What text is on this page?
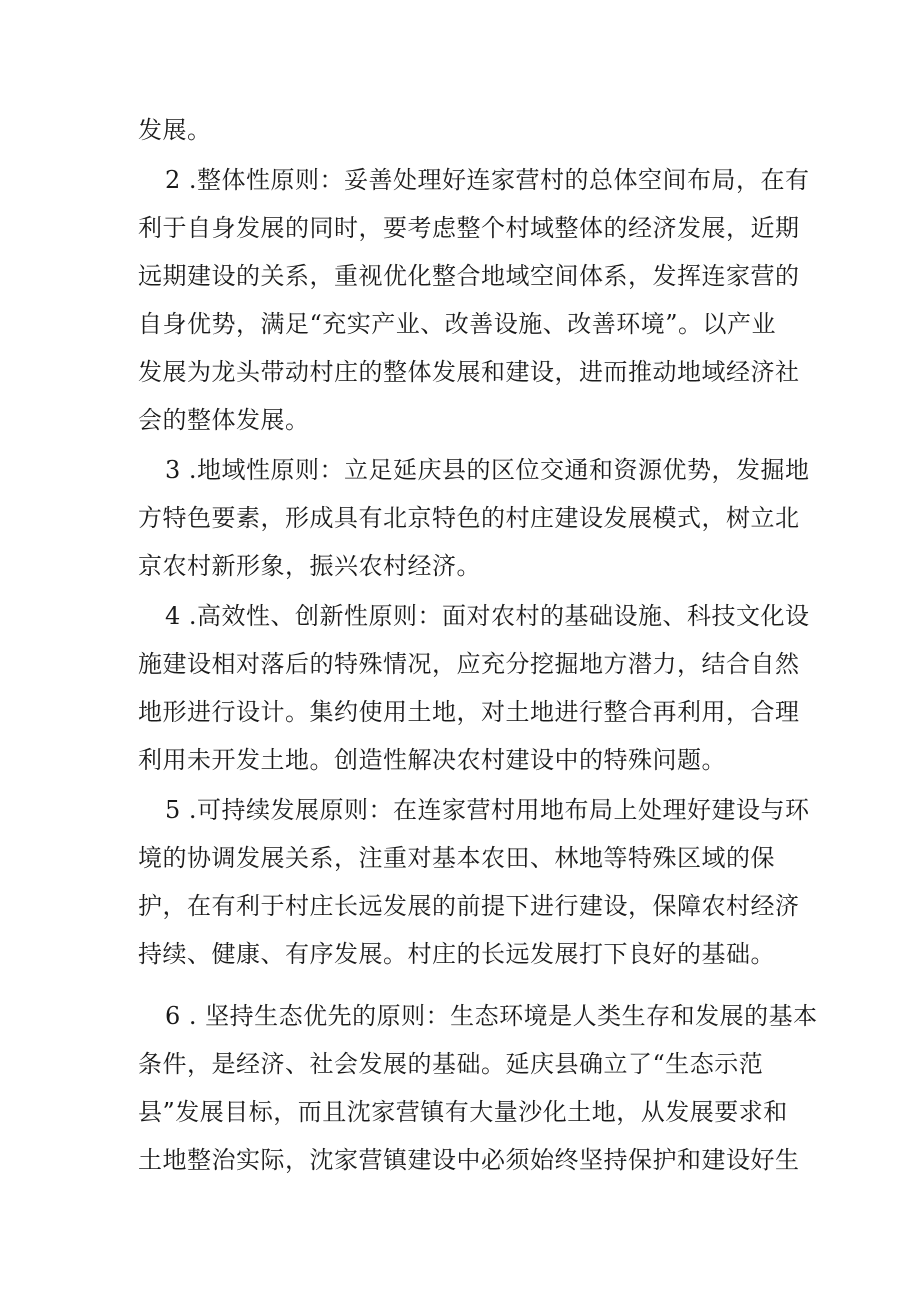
发展。
2 .整体性原则：妥善处理好连家营村的总体空间布局，在有
利于自身发展的同时，要考虑整个村域整体的经济发展，近期
远期建设的关系，重视优化整合地域空间体系，发挥连家营的
自身优势，满足“充实产业、改善设施、改善环境”。以产业
发展为龙头带动村庄的整体发展和建设，进而推动地域经济社
会的整体发展。
3 .地域性原则：立足延庆县的区位交通和资源优势，发掘地
方特色要素，形成具有北京特色的村庄建设发展模式，树立北
京农村新形象，振兴农村经济。
4 .高效性、创新性原则：面对农村的基础设施、科技文化设
施建设相对落后的特殊情况，应充分挖掘地方潜力，结合自然
地形进行设计。集约使用土地，对土地进行整合再利用，合理
利用未开发土地。创造性解决农村建设中的特殊问题。
5 .可持续发展原则：在连家营村用地布局上处理好建设与环
境的协调发展关系，注重对基本农田、林地等特殊区域的保
护，在有利于村庄长远发展的前提下进行建设，保障农村经济
持续、健康、有序发展。村庄的长远发展打下良好的基础。
6 . 坚持生态优先的原则：生态环境是人类生存和发展的基本
条件，是经济、社会发展的基础。延庆县确立了“生态示范
县”发展目标，而且沈家营镇有大量沙化土地，从发展要求和
土地整治实际，沈家营镇建设中必须始终坚持保护和建设好生
